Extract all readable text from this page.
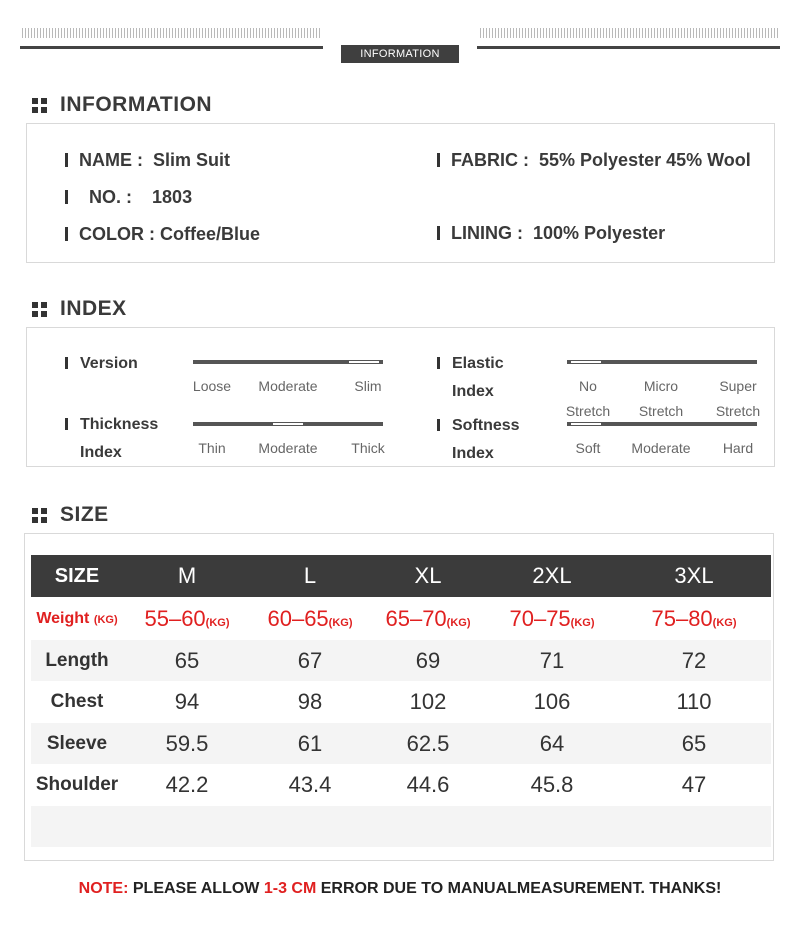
INFORMATION
INFORMATION
NAME : Slim Suit
NO. : 1803
COLOR : Coffee/Blue
FABRIC : 55% Polyester 45% Wool
LINING : 100% Polyester
INDEX
Version
Loose	Moderate	Slim
Thickness
Index	Thin	Moderate	Thick
Elastic
Index	No
Stretch
Micro
Stretch
Super
Stretch
Softness
Index	Soft	Moderate	Hard
SIZE
SIZE	M	L	XL	2XL	3XL
Weight (KG)	55–60(KG)	60–65(KG)	65–70(KG)	70–75(KG)	75–80(KG)
Length	65	67	69	71	72
Chest	94	98	102	106	110
Sleeve	59.5	61	62.5	64	65
Shoulder	42.2	43.4	44.6	45.8	47

NOTE: PLEASE ALLOW 1-3 CM ERROR DUE TO MANUALMEASUREMENT. THANKS!
